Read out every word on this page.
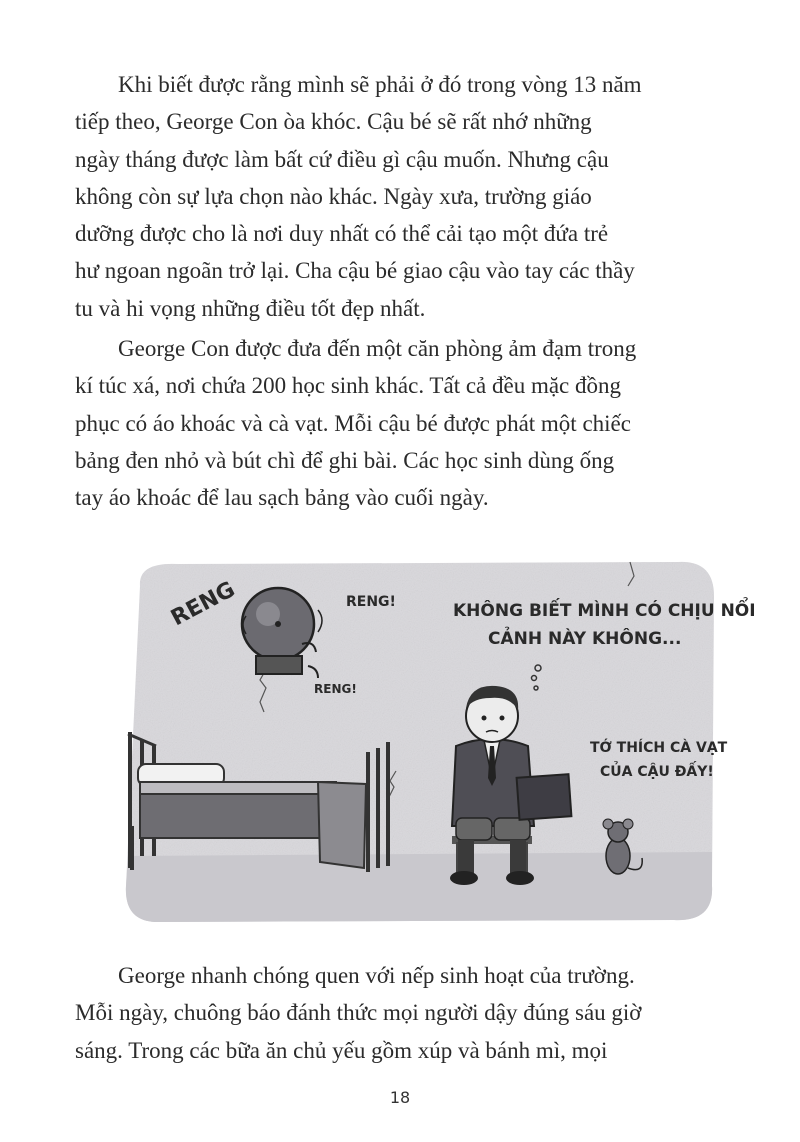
Khi biết được rằng mình sẽ phải ở đó trong vòng 13 năm
tiếp theo, George Con òa khóc. Cậu bé sẽ rất nhớ những
ngày tháng được làm bất cứ điều gì cậu muốn. Nhưng cậu
không còn sự lựa chọn nào khác. Ngày xưa, trường giáo
dưỡng được cho là nơi duy nhất có thể cải tạo một đứa trẻ
hư ngoan ngoãn trở lại. Cha cậu bé giao cậu vào tay các thầy
tu và hi vọng những điều tốt đẹp nhất.
George Con được đưa đến một căn phòng ảm đạm trong
kí túc xá, nơi chứa 200 học sinh khác. Tất cả đều mặc đồng
phục có áo khoác và cà vạt. Mỗi cậu bé được phát một chiếc
bảng đen nhỏ và bút chì để ghi bài. Các học sinh dùng ống
tay áo khoác để lau sạch bảng vào cuối ngày.
RENG	RENG!
RENG!
KHÔNG BIẾT MÌNH CÓ CHỊU NỔI
CẢNH NÀY KHÔNG...
TỚ THÍCH CÀ VẠT
CỦA CẬU ĐẤY!
George nhanh chóng quen với nếp sinh hoạt của trường.
Mỗi ngày, chuông báo đánh thức mọi người dậy đúng sáu giờ
sáng. Trong các bữa ăn chủ yếu gồm xúp và bánh mì, mọi
18
